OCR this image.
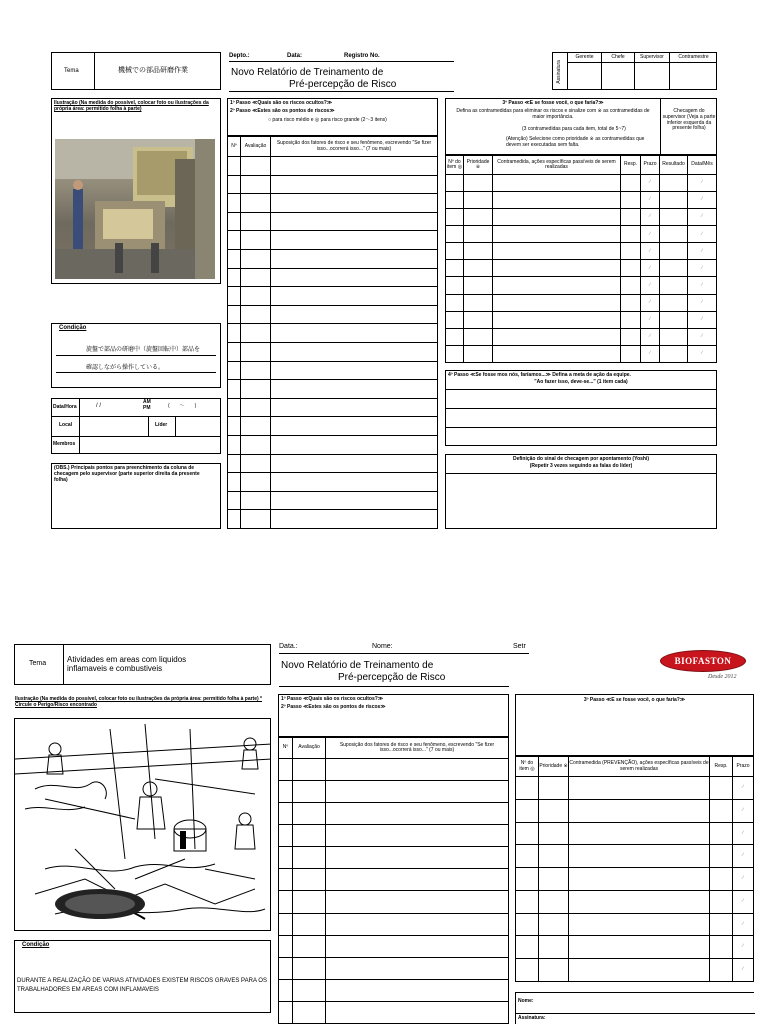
Tema	機械での部品研磨作業
Depto.:	Data:	Registro No.
Novo Relatório de Treinamento de
Pré-percepção de Risco
Assinatura
Gerente	Chefe	Supervisor	Contramestre
Ilustração (Na medida do possível, colocar foto ou ilustrações da própria área: permitido folha à parte)
Condição
旋盤で部品の研磨中（旋盤回転中）部品を
確認しながら操作している。
Data/Hora	/ /
AM PM	(　　～　　)
Local	Líder
Membros
(OBS.) Principais pontos para preenchimento da coluna de checagem pelo supervisor (parte superior direita da presente folha)
1º Passo ≪Quais são os riscos ocultos?≫
2º Passo ≪Estes são os pontos de riscos≫
○ para risco médio e ◎ para risco grande (2～3 itens)
Nº	Avaliação	Suposição dos fatores de risco e seu fenômeno, escrevendo "Se fizer isso...ocorrerá isso..." (7 ou mais)

3º Passo ≪E se fosse você, o que faria?≫
Defina as contramedidas para eliminar os riscos e sinalize com ※ as contramedidas de maior importância.
(3 contramedidas para cada item, total de 5~7)
(Atenção) Selecione como prioridade ※ as contramedidas que devem ser executadas sem falta.
Checagem do supervisor (Veja a parte inferior esquerda da presente folha)
Nº do item ◎	Prioridade ※	Contramedida, ações específicas passíveis de serem realizadas	Resp.	Prazo	Resultado	Data/Mês
				∕		∕
				∕		∕
				∕		∕
				∕		∕
				∕		∕
				∕		∕
				∕		∕
				∕		∕
				∕		∕
				∕		∕
				∕		∕
4º Passo ≪Se fosse mos nós, faríamos...≫ Defina a meta de ação da equipe.
"Ao fazer isso, deve-se..." (1 item cada)
Definição do sinal de checagem por apontamento (Yoshi)
(Repetir 3 vezes seguindo as falas do líder)
Data.:	Nome:	Setr
Tema	Atividades em areas com liquidos inflamaveis e combustiveis	Novo Relatório de Treinamento de
Pré-percepção de Risco
BIOFASTON
Desde 2012
Ilustração (Na medida do possível, colocar foto ou ilustrações da própria área: permitido folha à parte) * Circule o Perigo/Risco encontrado
Condição
DURANTE A REALIZAÇÃO DE VARIAS ATIVIDADES EXISTEM RISCOS GRAVES PARA OS TRABALHADORES EM AREAS COM INFLAMAVEIS
1º Passo ≪Quais são os riscos ocultos?≫
2º Passo ≪Estes são os pontos de riscos≫
Nº	Avaliação	Suposição dos fatores de risco e seu fenômeno, escrevendo "Se fizer isso...ocorrerá isso..." (7 ou mais)

3º Passo ≪E se fosse você, o que faria?≫
Nº do item ◎	Prioridade ※	Contramedida (PREVENÇÃO), ações específicas passíveis de serem realizadas	Resp.	Prazo
				∕
				∕
				∕
				∕
				∕
				∕
				∕
				∕
				∕
Nome:
Assinatura:
